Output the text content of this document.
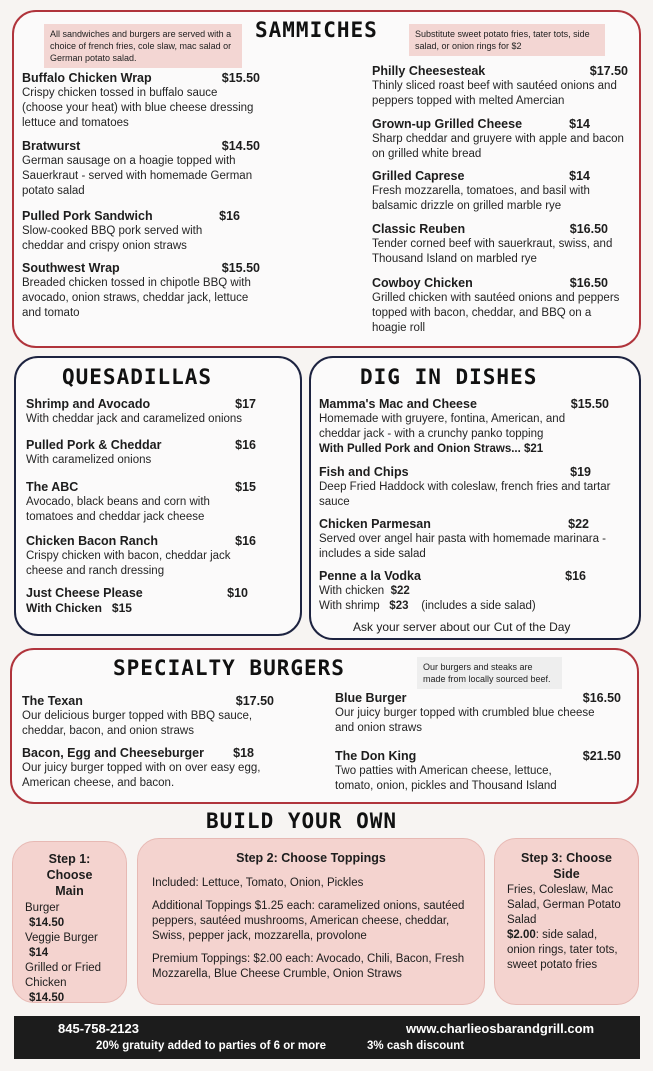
All sandwiches and burgers are served with a choice of french fries, cole slaw, mac salad or German potato salad.
SAMMICHES	Substitute sweet potato fries, tater tots, side salad, or onion rings for $2
Buffalo Chicken Wrap	$15.50
Crispy chicken tossed in buffalo sauce (choose your heat) with blue cheese dressing lettuce and tomatoes
Bratwurst	$14.50
German sausage on a hoagie topped with Sauerkraut - served with homemade German potato salad
Pulled Pork Sandwich	$16
Slow-cooked BBQ pork served with cheddar and crispy onion straws
Southwest Wrap	$15.50
Breaded chicken tossed in chipotle BBQ with avocado, onion straws, cheddar jack, lettuce and tomato
Philly Cheesesteak	$17.50
Thinly sliced roast beef with sautéed onions and peppers topped with melted Amercian
Grown-up Grilled Cheese	$14
Sharp cheddar and gruyere with apple and bacon on grilled white bread
Grilled Caprese	$14
Fresh mozzarella, tomatoes, and basil with balsamic drizzle on grilled marble rye
Classic Reuben	$16.50
Tender corned beef with sauerkraut, swiss, and Thousand Island on marbled rye
Cowboy Chicken	$16.50
Grilled chicken with sautéed onions and peppers topped with bacon, cheddar, and BBQ on a hoagie roll
QUESADILLAS
Shrimp and Avocado	$17
With cheddar jack and caramelized onions
Pulled Pork & Cheddar	$16
With caramelized onions
The ABC	$15
Avocado, black beans and corn with tomatoes and cheddar jack cheese
Chicken Bacon Ranch	$16
Crispy chicken with bacon, cheddar jack cheese and ranch dressing
Just Cheese Please	$10
With Chicken $15
DIG IN DISHES
Mamma's Mac and Cheese	$15.50
Homemade with gruyere, fontina, American, and cheddar jack - with a crunchy panko topping
With Pulled Pork and Onion Straws... $21
Fish and Chips	$19
Deep Fried Haddock with coleslaw, french fries and tartar sauce
Chicken Parmesan	$22
Served over angel hair pasta with homemade marinara - includes a side salad
Penne a la Vodka	$16
With chicken $22
With shrimp $23 (includes a side salad)
Ask your server about our Cut of the Day
SPECIALTY BURGERS	Our burgers and steaks are made from locally sourced beef.
The Texan	$17.50
Our delicious burger topped with BBQ sauce, cheddar, bacon, and onion straws
Bacon, Egg and Cheeseburger $18
Our juicy burger topped with on over easy egg, American cheese, and bacon.
Blue Burger	$16.50
Our juicy burger topped with crumbled blue cheese and onion straws
The Don King	$21.50
Two patties with American cheese, lettuce, tomato, onion, pickles and Thousand Island
BUILD YOUR OWN
Step 1: Choose Main
Burger
$14.50
Veggie Burger
$14
Grilled or Fried Chicken
$14.50
Step 2: Choose Toppings
Included: Lettuce, Tomato, Onion, Pickles
Additional Toppings $1.25 each: caramelized onions, sautéed peppers, sautéed mushrooms, American cheese, cheddar, Swiss, pepper jack, mozzarella, provolone
Premium Toppings: $2.00 each: Avocado, Chili, Bacon, Fresh Mozzarella, Blue Cheese Crumble, Onion Straws
Step 3: Choose Side
Fries, Coleslaw, Mac Salad, German Potato Salad
$2.00: side salad, onion rings, tater tots, sweet potato fries
845-758-2123	www.charlieosbarandgrill.com
20% gratuity added to parties of 6 or more	3% cash discount
